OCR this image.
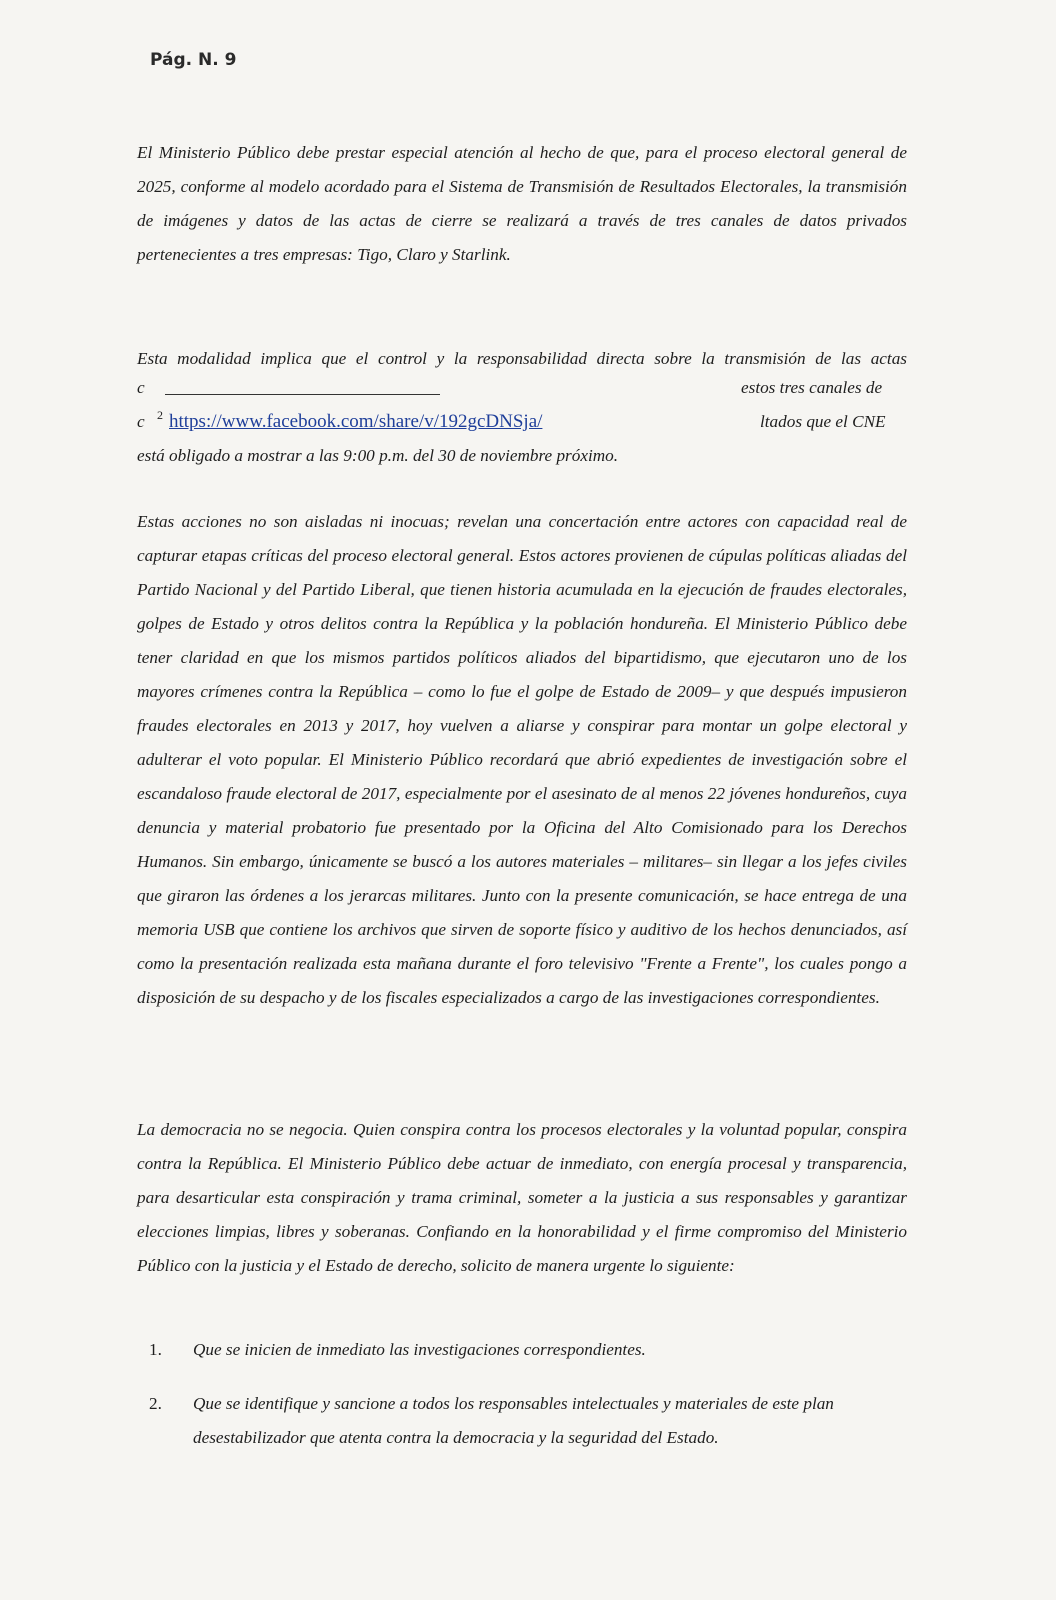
Pág. N. 9
El Ministerio Público debe prestar especial atención al hecho de que, para el proceso electoral general de 2025, conforme al modelo acordado para el Sistema de Transmisión de Resultados Electorales, la transmisión de imágenes y datos de las actas de cierre se realizará a través de tres canales de datos privados pertenecientes a tres empresas: Tigo, Claro y Starlink.
Esta modalidad implica que el control y la responsabilidad directa sobre la transmisión de las actas
c	estos tres canales de
c	ltados que el CNE
está obligado a mostrar a las 9:00 p.m. del 30 de noviembre próximo.
$^2$ https://www.facebook.com/share/v/192gcDNSja/
Estas acciones no son aisladas ni inocuas; revelan una concertación entre actores con capacidad real de capturar etapas críticas del proceso electoral general. Estos actores provienen de cúpulas políticas aliadas del Partido Nacional y del Partido Liberal, que tienen historia acumulada en la ejecución de fraudes electorales, golpes de Estado y otros delitos contra la República y la población hondureña. El Ministerio Público debe tener claridad en que los mismos partidos políticos aliados del bipartidismo, que ejecutaron uno de los mayores crímenes contra la República – como lo fue el golpe de Estado de 2009– y que después impusieron fraudes electorales en 2013 y 2017, hoy vuelven a aliarse y conspirar para montar un golpe electoral y adulterar el voto popular. El Ministerio Público recordará que abrió expedientes de investigación sobre el escandaloso fraude electoral de 2017, especialmente por el asesinato de al menos 22 jóvenes hondureños, cuya denuncia y material probatorio fue presentado por la Oficina del Alto Comisionado para los Derechos Humanos. Sin embargo, únicamente se buscó a los autores materiales – militares– sin llegar a los jefes civiles que giraron las órdenes a los jerarcas militares. Junto con la presente comunicación, se hace entrega de una memoria USB que contiene los archivos que sirven de soporte físico y auditivo de los hechos denunciados, así como la presentación realizada esta mañana durante el foro televisivo "Frente a Frente", los cuales pongo a disposición de su despacho y de los fiscales especializados a cargo de las investigaciones correspondientes.
La democracia no se negocia. Quien conspira contra los procesos electorales y la voluntad popular, conspira contra la República. El Ministerio Público debe actuar de inmediato, con energía procesal y transparencia, para desarticular esta conspiración y trama criminal, someter a la justicia a sus responsables y garantizar elecciones limpias, libres y soberanas. Confiando en la honorabilidad y el firme compromiso del Ministerio Público con la justicia y el Estado de derecho, solicito de manera urgente lo siguiente:
1. Que se inicien de inmediato las investigaciones correspondientes.
2. Que se identifique y sancione a todos los responsables intelectuales y materiales de este plan desestabilizador que atenta contra la democracia y la seguridad del Estado.
